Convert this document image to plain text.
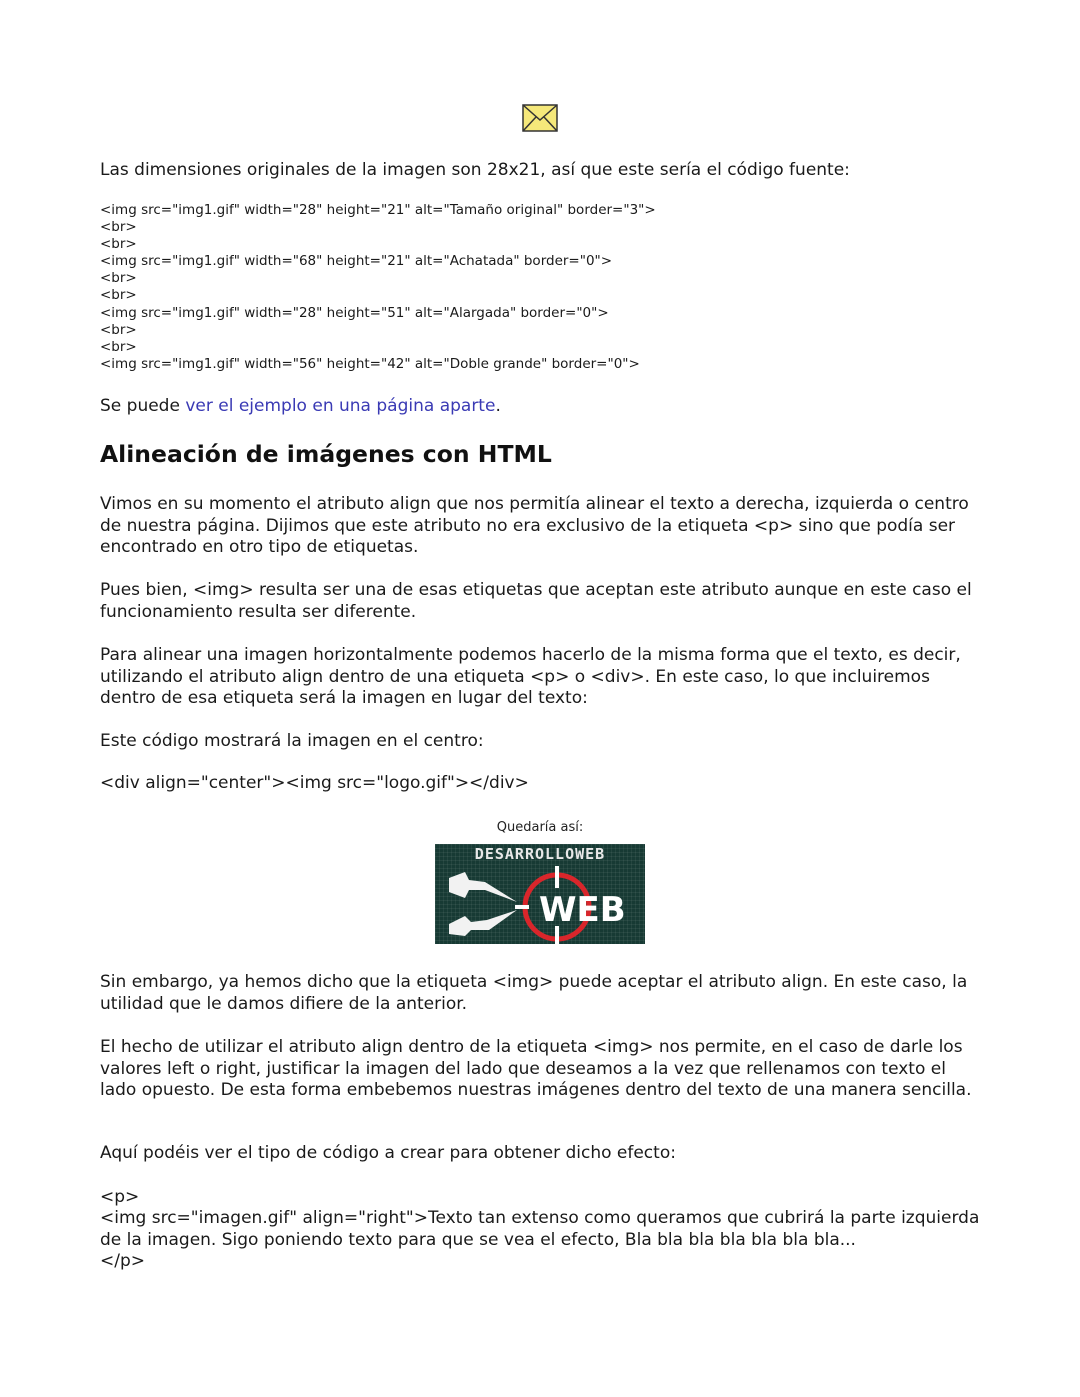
Las dimensiones originales de la imagen son 28x21, así que este sería el código fuente:

<img src="img1.gif" width="28" height="21" alt="Tamaño original" border="3">
<br>
<br>
<img src="img1.gif" width="68" height="21" alt="Achatada" border="0">
<br>
<br>
<img src="img1.gif" width="28" height="51" alt="Alargada" border="0">
<br>
<br>
<img src="img1.gif" width="56" height="42" alt="Doble grande" border="0">

Se puede ver el ejemplo en una página aparte.

Alineación de imágenes con HTML

Vimos en su momento el atributo align que nos permitía alinear el texto a derecha, izquierda o centro de nuestra página. Dijimos que este atributo no era exclusivo de la etiqueta <p> sino que podía ser encontrado en otro tipo de etiquetas.

Pues bien, <img> resulta ser una de esas etiquetas que aceptan este atributo aunque en este caso el funcionamiento resulta ser diferente.

Para alinear una imagen horizontalmente podemos hacerlo de la misma forma que el texto, es decir, utilizando el atributo align dentro de una etiqueta <p> o <div>. En este caso, lo que incluiremos dentro de esa etiqueta será la imagen en lugar del texto:

Este código mostrará la imagen en el centro:

<div align="center"><img src="logo.gif"></div>

Quedaría así:
DESARROLLOWEB
WEB

Sin embargo, ya hemos dicho que la etiqueta <img> puede aceptar el atributo align. En este caso, la utilidad que le damos difiere de la anterior.

El hecho de utilizar el atributo align dentro de la etiqueta <img> nos permite, en el caso de darle los valores left o right, justificar la imagen del lado que deseamos a la vez que rellenamos con texto el lado opuesto. De esta forma embebemos nuestras imágenes dentro del texto de una manera sencilla.

Aquí podéis ver el tipo de código a crear para obtener dicho efecto:

<p>

<img src="imagen.gif" align="right">Texto tan extenso como queramos que cubrirá la parte izquierda de la imagen. Sigo poniendo texto para que se vea el efecto, Bla bla bla bla bla bla bla...

</p>
